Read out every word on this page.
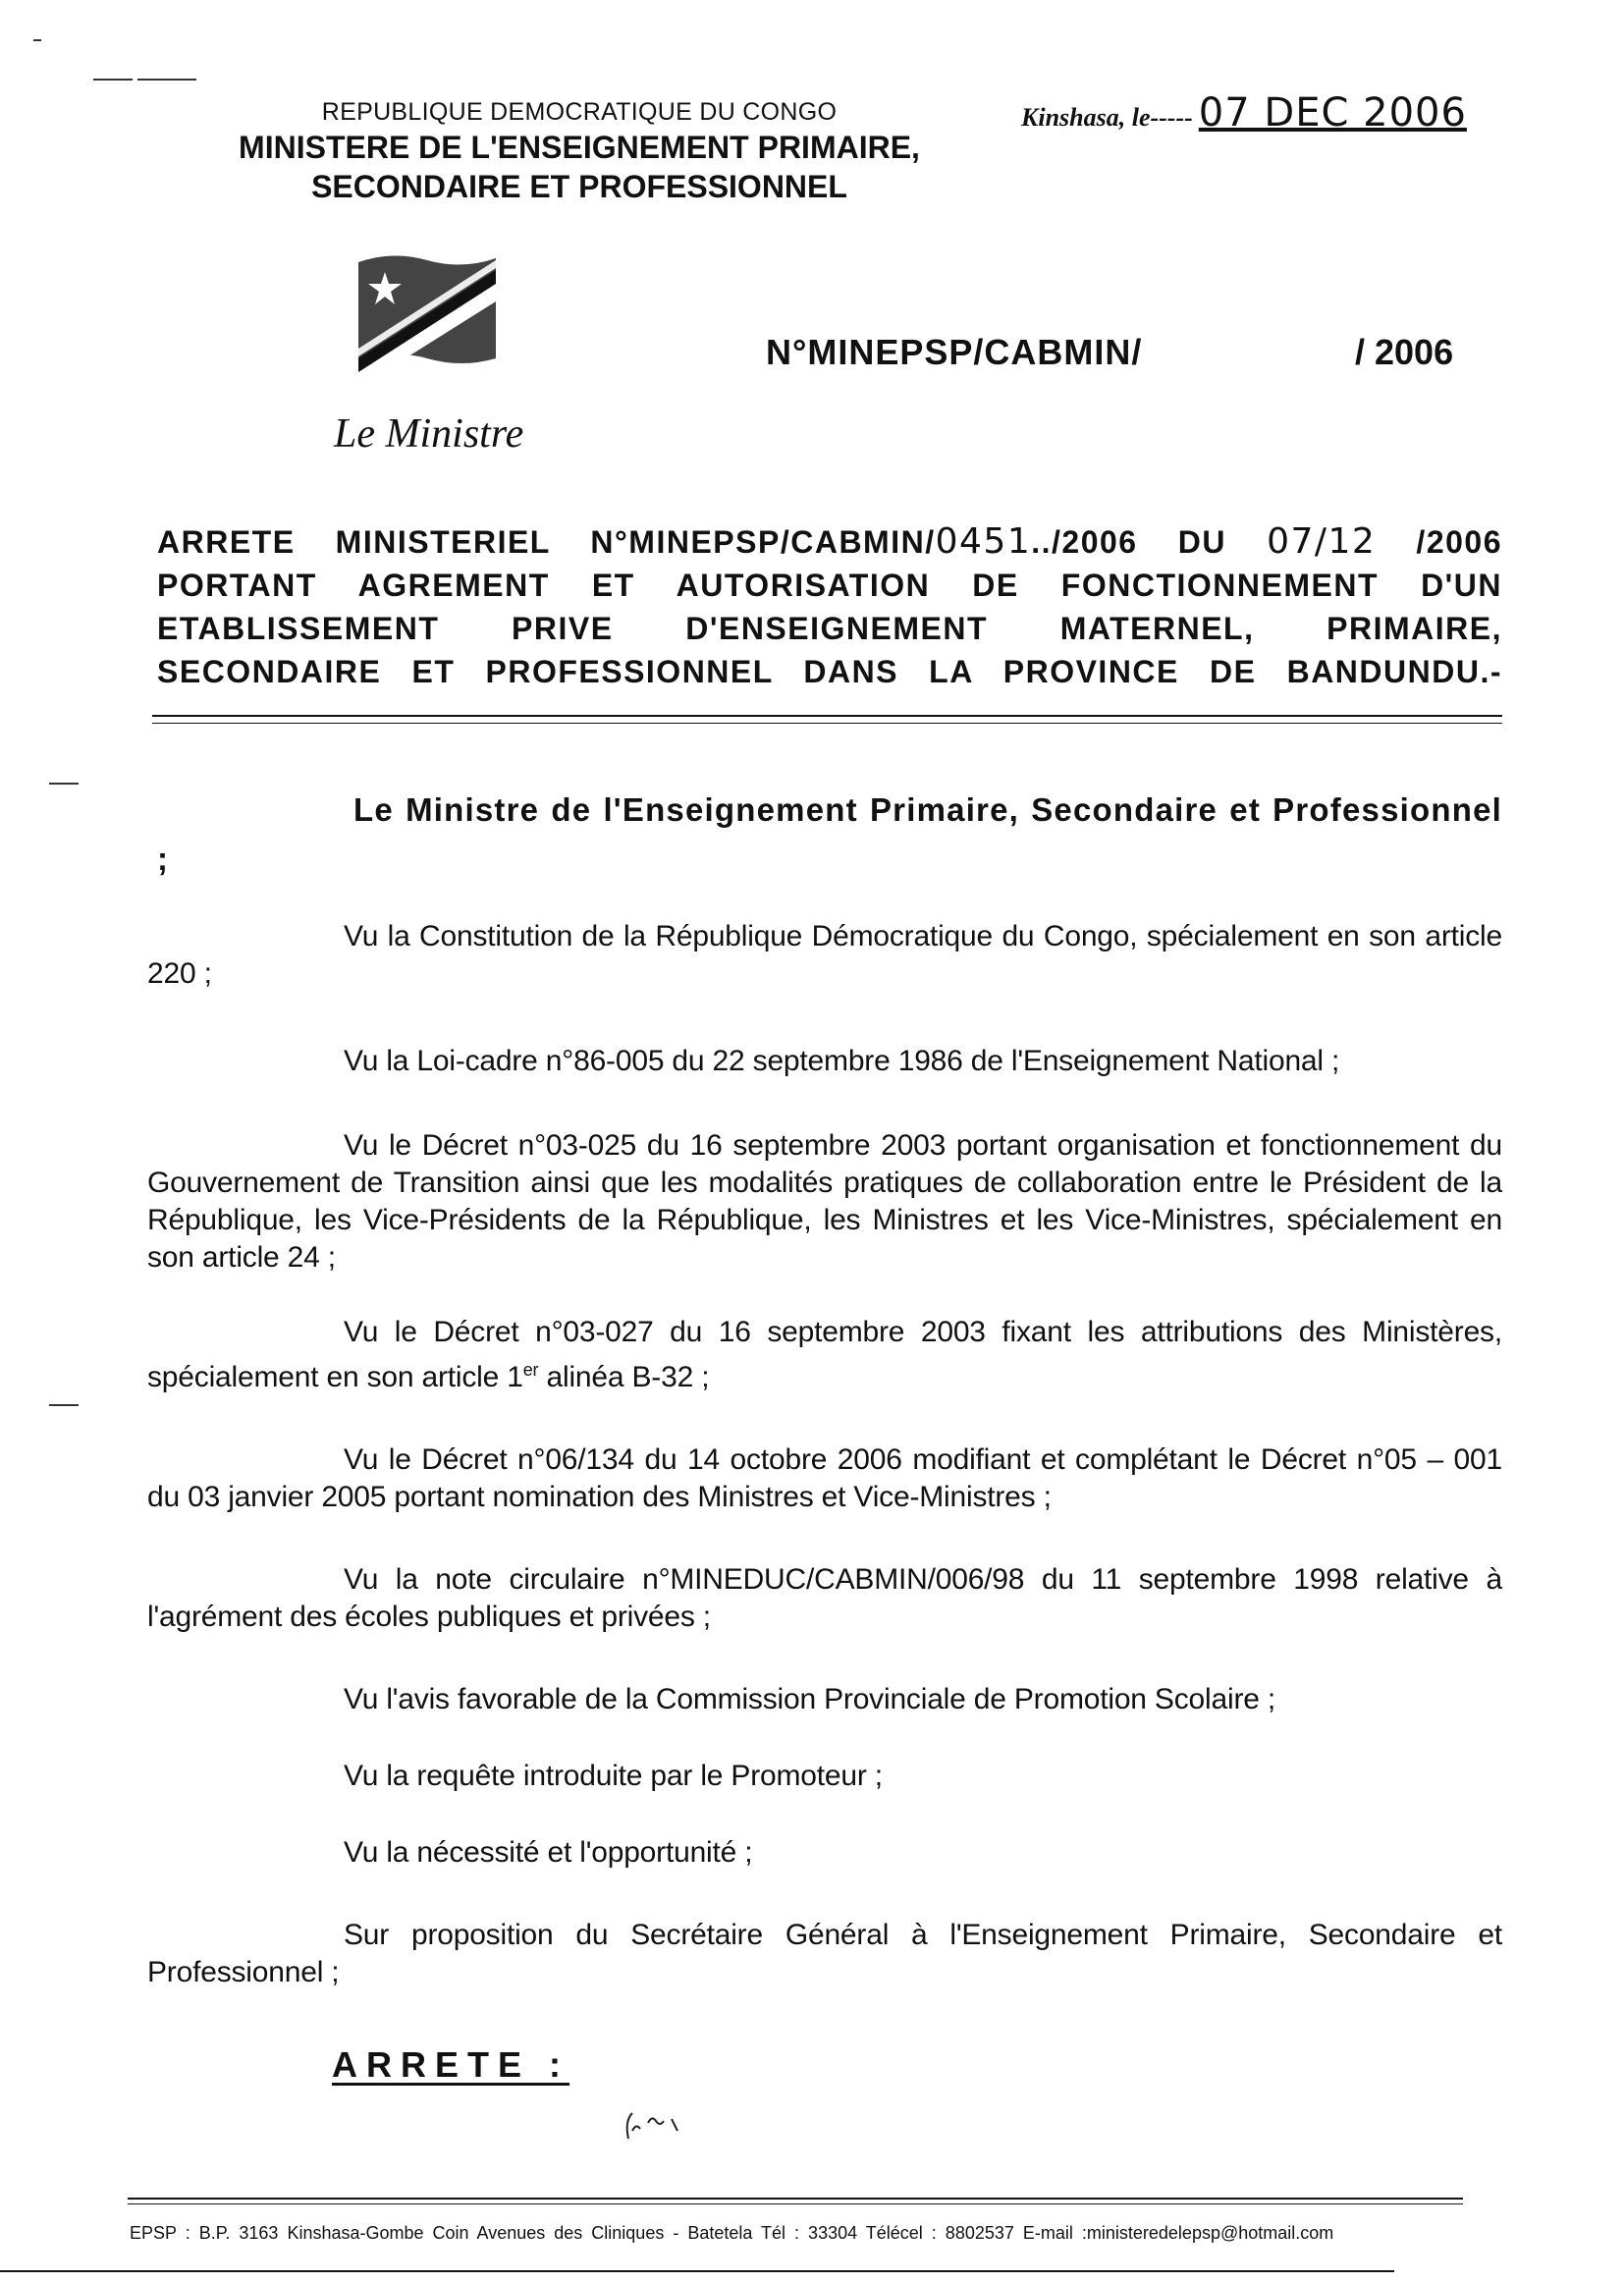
REPUBLIQUE DEMOCRATIQUE DU CONGO
MINISTERE DE L'ENSEIGNEMENT PRIMAIRE,
SECONDAIRE ET PROFESSIONNEL
Kinshasa, le----- 07 DEC 2006
N°MINEPSP/CABMIN/	/ 2006
Le Ministre
ARRETE MINISTERIEL N°MINEPSP/CABMIN/0451../2006 DU 07/12 /2006
PORTANT AGREMENT ET AUTORISATION DE FONCTIONNEMENT D'UN
ETABLISSEMENT PRIVE D'ENSEIGNEMENT MATERNEL, PRIMAIRE,
SECONDAIRE ET PROFESSIONNEL DANS LA PROVINCE DE BANDUNDU.-
Le Ministre de l'Enseignement Primaire, Secondaire et Professionnel ;
Vu la Constitution de la République Démocratique du Congo, spécialement en son article 220 ;
Vu la Loi-cadre n°86-005 du 22 septembre 1986 de l'Enseignement National ;
Vu le Décret n°03-025 du 16 septembre 2003 portant organisation et fonctionnement du Gouvernement de Transition ainsi que les modalités pratiques de collaboration entre le Président de la République, les Vice-Présidents de la République, les Ministres et les Vice-Ministres, spécialement en son article 24 ;
Vu le Décret n°03-027 du 16 septembre 2003 fixant les attributions des Ministères, spécialement en son article 1er alinéa B-32 ;
Vu le Décret n°06/134 du 14 octobre 2006 modifiant et complétant le Décret n°05 – 001 du 03 janvier 2005 portant nomination des Ministres et Vice-Ministres ;
Vu la note circulaire n°MINEDUC/CABMIN/006/98 du 11 septembre 1998 relative à l'agrément des écoles publiques et privées ;
Vu l'avis favorable de la Commission Provinciale de Promotion Scolaire ;
Vu la requête introduite par le Promoteur ;
Vu la nécessité et l'opportunité ;
Sur proposition du Secrétaire Général à l'Enseignement Primaire, Secondaire et Professionnel ;
ARRETE :
EPSP : B.P. 3163 Kinshasa-Gombe Coin Avenues des Cliniques - Batetela Tél : 33304 Télécel : 8802537 E-mail :ministeredelepsp@hotmail.com
